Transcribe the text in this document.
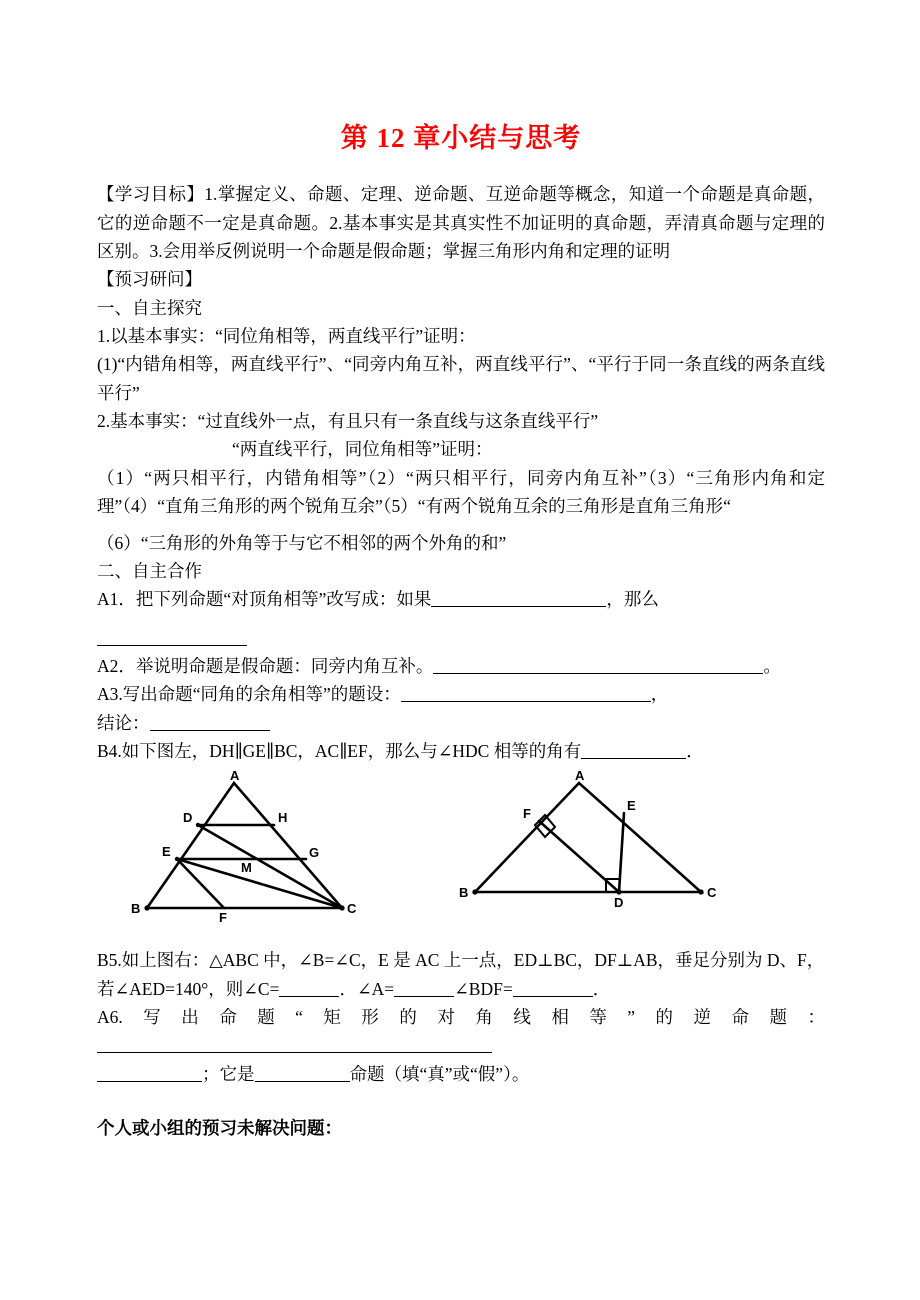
第 12 章小结与思考

【学习目标】1.掌握定义、命题、定理、逆命题、互逆命题等概念，知道一个命题是真命题，它的逆命题不一定是真命题。2.基本事实是其真实性不加证明的真命题，弄清真命题与定理的区别。3.会用举反例说明一个命题是假命题；掌握三角形内角和定理的证明

【预习研问】

一、自主探究

1.以基本事实：“同位角相等，两直线平行”证明：

(1)“内错角相等，两直线平行”、“同旁内角互补，两直线平行”、“平行于同一条直线的两条直线平行”

2.基本事实：“过直线外一点，有且只有一条直线与这条直线平行”

“两直线平行，同位角相等”证明：

（1）“两只相平行，内错角相等”（2）“两只相平行，同旁内角互补”（3）“三角形内角和定理”（4）“直角三角形的两个锐角互余”（5）“有两个锐角互余的三角形是直角三角形“

（6）“三角形的外角等于与它不相邻的两个外角的和”

二、自主合作

A1．把下列命题“对顶角相等”改写成：如果	，那么

A2．举说明命题是假命题：同旁内角互补。	。

A3.写出命题“同角的余角相等”的题设：	，

结论：

B4.如下图左，DH∥GE∥BC，AC∥EF，那么与∠HDC 相等的角有	．

A
B	C
D
E
F
G
H
M
A
B	C
D
E
F

B5.如上图右：△ABC 中，∠B=∠C，E 是 AC 上一点，ED⊥BC，DF⊥AB，垂足分别为 D、F，

若∠AED=140°，则∠C=	．∠A=	∠BDF=	．

A6.写出命题“矩形的对角线相等”的逆命题：

；它是	命题（填“真”或“假”）。

个人或小组的预习未解决问题：
